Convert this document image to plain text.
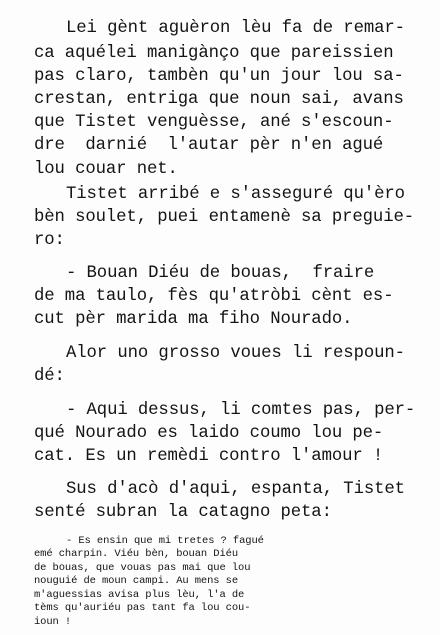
Lei gènt aguèron lèu fa de remar-
ca aquélei manigànço que pareissien
pas claro, tambèn qu'un jour lou sa-
crestan, entriga que noun sai, avans
que Tistet venguèsse, ané s'escoun-
dre  darnié  l'autar pèr n'en agué
lou couar net.
Tistet arribé e s'asseguré qu'èro
bèn soulet, puei entamenè sa preguie-
ro:
- Bouan Diéu de bouas,  fraire
de ma taulo, fès qu'atròbi cènt es-
cut pèr marida ma fiho Nourado.
Alor uno grosso voues li respoun-
dé:
- Aqui dessus, li comtes pas, per-
qué Nourado es laido coumo lou pe-
cat. Es un remèdi contro l'amour !
Sus d'acò d'aqui, espanta, Tistet
senté subran la catagno peta:
- Es ensin que mi tretes ? fagué
emé charpin. Viéu bèn, bouan Diéu
de bouas, que vouas pas mai que lou
nouguié de moun campi. Au mens se
m'aguessias avisa plus lèu, l'a de
tèms qu'auriéu pas tant fa lou cou-
ioun !
